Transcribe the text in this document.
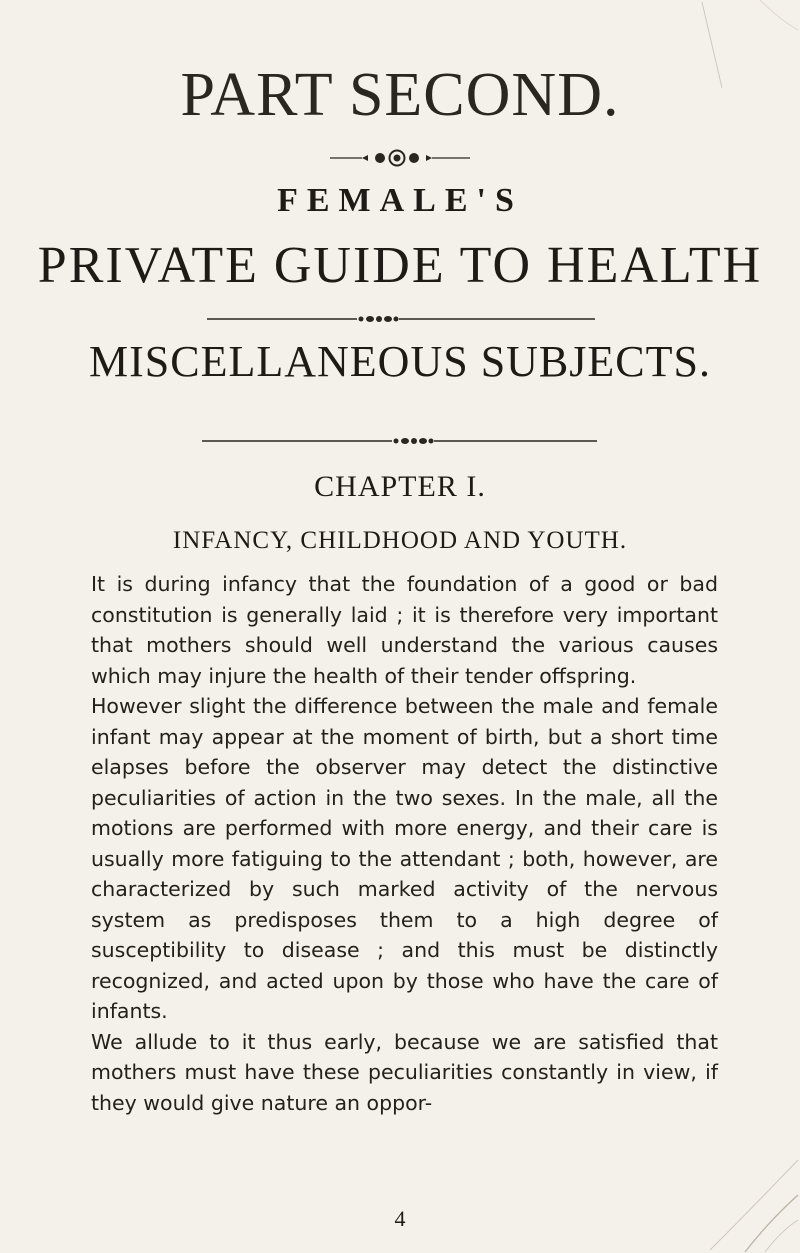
PART SECOND.
FEMALE'S
PRIVATE GUIDE TO HEALTH
MISCELLANEOUS SUBJECTS.
CHAPTER I.
INFANCY, CHILDHOOD AND YOUTH.

It is during infancy that the foundation of a good or bad constitution is generally laid ; it is therefore very important that mothers should well understand the various causes which may injure the health of their tender offspring.

However slight the difference between the male and female infant may appear at the moment of birth, but a short time elapses before the observer may detect the distinctive peculiarities of action in the two sexes. In the male, all the motions are performed with more energy, and their care is usually more fatiguing to the attendant ; both, however, are characterized by such marked activity of the nervous system as predisposes them to a high degree of susceptibility to disease ; and this must be distinctly recognized, and acted upon by those who have the care of infants.

We allude to it thus early, because we are satisfied that mothers must have these peculiarities constantly in view, if they would give nature an oppor-

4
